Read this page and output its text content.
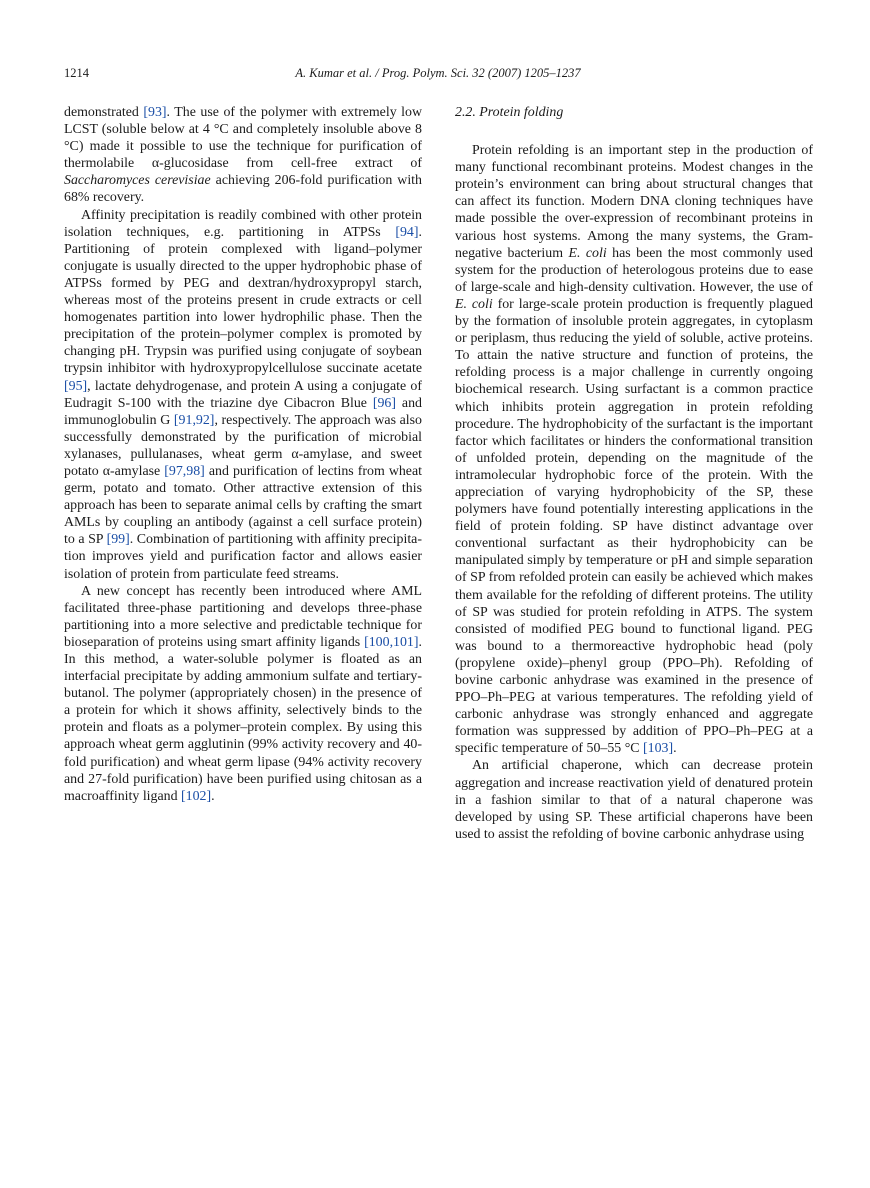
1214	A. Kumar et al. / Prog. Polym. Sci. 32 (2007) 1205–1237

demonstrated [93]. The use of the polymer with extremely low LCST (soluble below at 4 °C and completely insoluble above 8 °C) made it possible to use the technique for purification of thermolabile α-glucosidase from cell-free extract of Saccharomyces cerevisiae achieving 206-fold purification with 68% recovery.

Affinity precipitation is readily combined with other protein isolation techniques, e.g. partitioning in ATPSs [94]. Partitioning of protein complexed with ligand–polymer conjugate is usually directed to the upper hydrophobic phase of ATPSs formed by PEG and dextran/hydroxypropyl starch, whereas most of the proteins present in crude extracts or cell homogenates partition into lower hydrophilic phase. Then the precipitation of the protein–polymer complex is promoted by changing pH. Trypsin was purified using conjugate of soybean trypsin inhibitor with hydroxypropylcellulose succinate acetate [95], lactate dehydrogenase, and protein A using a conjugate of Eudragit S-100 with the triazine dye Cibacron Blue [96] and immunoglobulin G [91,92], respectively. The approach was also successfully demonstrated by the purification of microbial xylanases, pullulanases, wheat germ α-amylase, and sweet potato α-amylase [97,98] and purification of lectins from wheat germ, potato and tomato. Other attractive extension of this approach has been to separate animal cells by crafting the smart AMLs by coupling an antibody (against a cell surface protein) to a SP [99]. Combination of partitioning with affinity precipitation improves yield and purification factor and allows easier isolation of protein from particulate feed streams.

A new concept has recently been introduced where AML facilitated three-phase partitioning and develops three-phase partitioning into a more selective and predictable technique for bioseparation of proteins using smart affinity ligands [100,101]. In this method, a water-soluble polymer is floated as an interfacial precipitate by adding ammonium sulfate and tertiary-butanol. The polymer (appropriately chosen) in the presence of a protein for which it shows affinity, selectively binds to the protein and floats as a polymer–protein complex. By using this approach wheat germ agglutinin (99% activity recovery and 40-fold purification) and wheat germ lipase (94% activity recovery and 27-fold purification) have been purified using chitosan as a macroaffinity ligand [102].

2.2. Protein folding

Protein refolding is an important step in the production of many functional recombinant proteins. Modest changes in the protein’s environment can bring about structural changes that can affect its function. Modern DNA cloning techniques have made possible the over-expression of recombinant proteins in various host systems. Among the many systems, the Gram-negative bacterium E. coli has been the most commonly used system for the production of heterologous proteins due to ease of large-scale and high-density cultivation. However, the use of E. coli for large-scale protein production is frequently plagued by the formation of insoluble protein aggregates, in cytoplasm or periplasm, thus reducing the yield of soluble, active proteins. To attain the native structure and function of proteins, the refolding process is a major challenge in currently ongoing biochemical research. Using surfactant is a common practice which inhibits protein aggregation in protein refolding procedure. The hydrophobicity of the surfactant is the important factor which facilitates or hinders the conformational transition of unfolded protein, depending on the magnitude of the intramolecular hydrophobic force of the protein. With the appreciation of varying hydrophobicity of the SP, these polymers have found potentially interesting applications in the field of protein folding. SP have distinct advantage over conventional surfactant as their hydrophobicity can be manipulated simply by temperature or pH and simple separation of SP from refolded protein can easily be achieved which makes them available for the refolding of different proteins. The utility of SP was studied for protein refolding in ATPS. The system consisted of modified PEG bound to functional ligand. PEG was bound to a thermoreactive hydrophobic head (poly (propylene oxide)–phenyl group (PPO–Ph). Refolding of bovine carbonic anhydrase was examined in the presence of PPO–Ph–PEG at various temperatures. The refolding yield of carbonic anhydrase was strongly enhanced and aggregate formation was suppressed by addition of PPO–Ph–PEG at a specific temperature of 50–55 °C [103].

An artificial chaperone, which can decrease protein aggregation and increase reactivation yield of denatured protein in a fashion similar to that of a natural chaperone was developed by using SP. These artificial chaperons have been used to assist the refolding of bovine carbonic anhydrase using
